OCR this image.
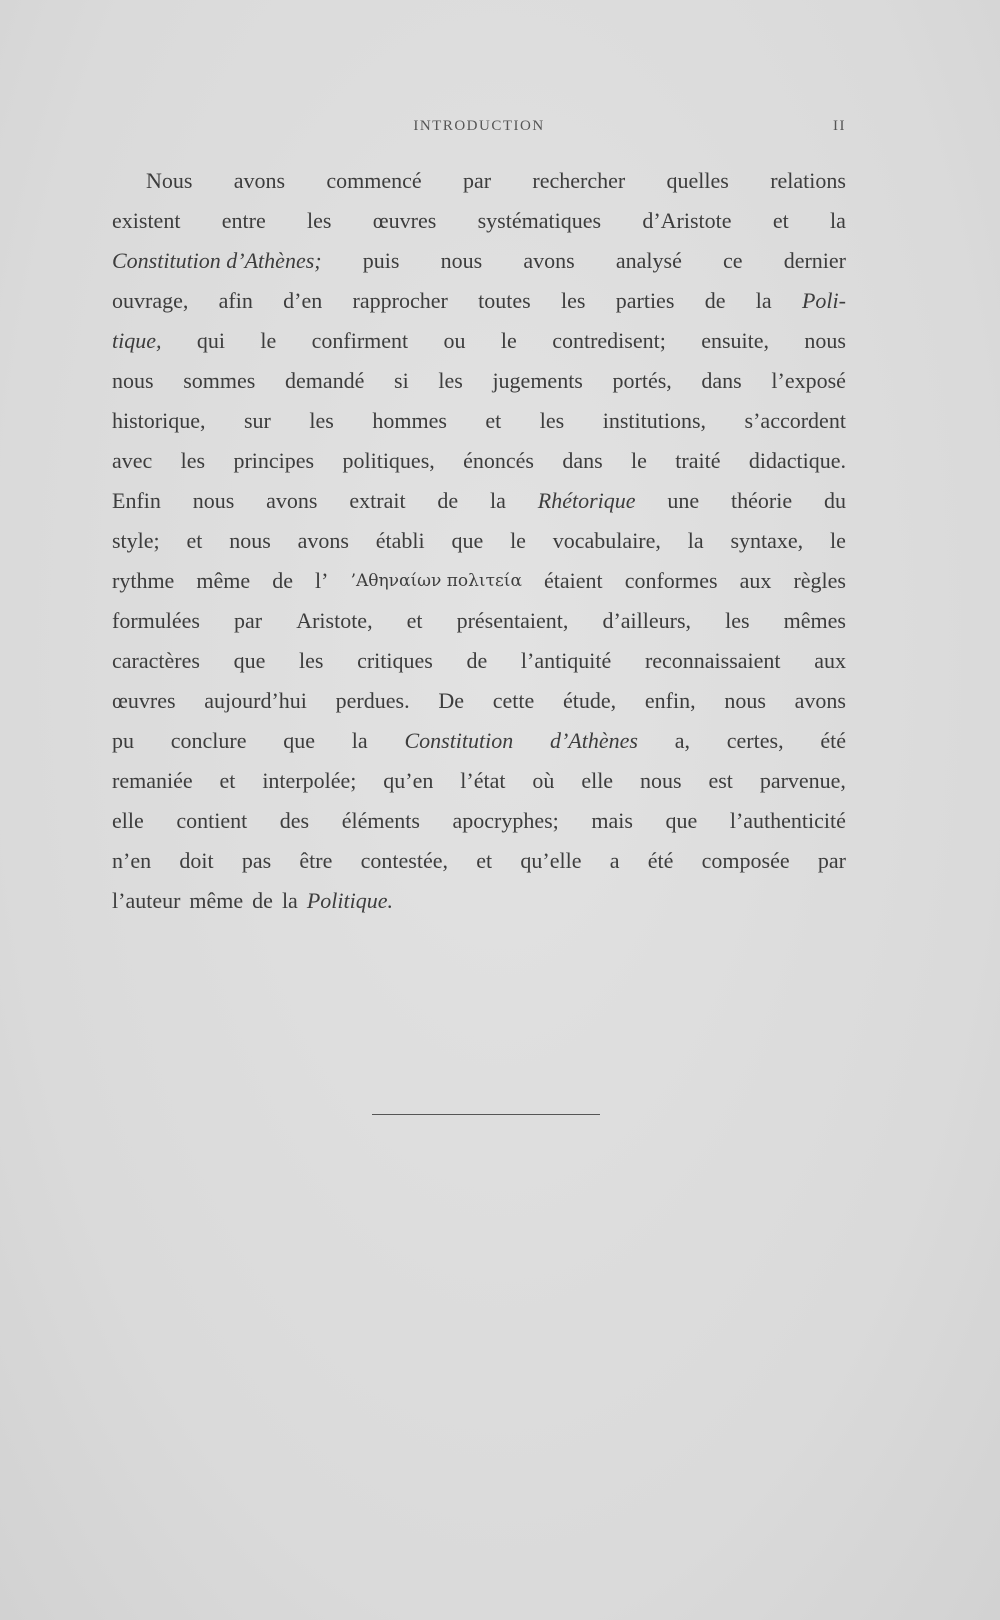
INTRODUCTION	II
Nous avons commencé par rechercher quelles relations
existent entre les œuvres systématiques d’Aristote et la
Constitution d’Athènes; puis nous avons analysé ce dernier
ouvrage, afin d’en rapprocher toutes les parties de la Poli-
tique, qui le confirment ou le contredisent; ensuite, nous
nous sommes demandé si les jugements portés, dans l’exposé
historique, sur les hommes et les institutions, s’accordent
avec les principes politiques, énoncés dans le traité didactique.
Enfin nous avons extrait de la Rhétorique une théorie du
style; et nous avons établi que le vocabulaire, la syntaxe, le
rythme même de l’ ’Αθηναίων πολιτεία étaient conformes aux règles
formulées par Aristote, et présentaient, d’ailleurs, les mêmes
caractères que les critiques de l’antiquité reconnaissaient aux
œuvres aujourd’hui perdues. De cette étude, enfin, nous avons
pu conclure que la Constitution d’Athènes a, certes, été
remaniée et interpolée; qu’en l’état où elle nous est parvenue,
elle contient des éléments apocryphes; mais que l’authenticité
n’en doit pas être contestée, et qu’elle a été composée par
l’auteur même de la Politique.
